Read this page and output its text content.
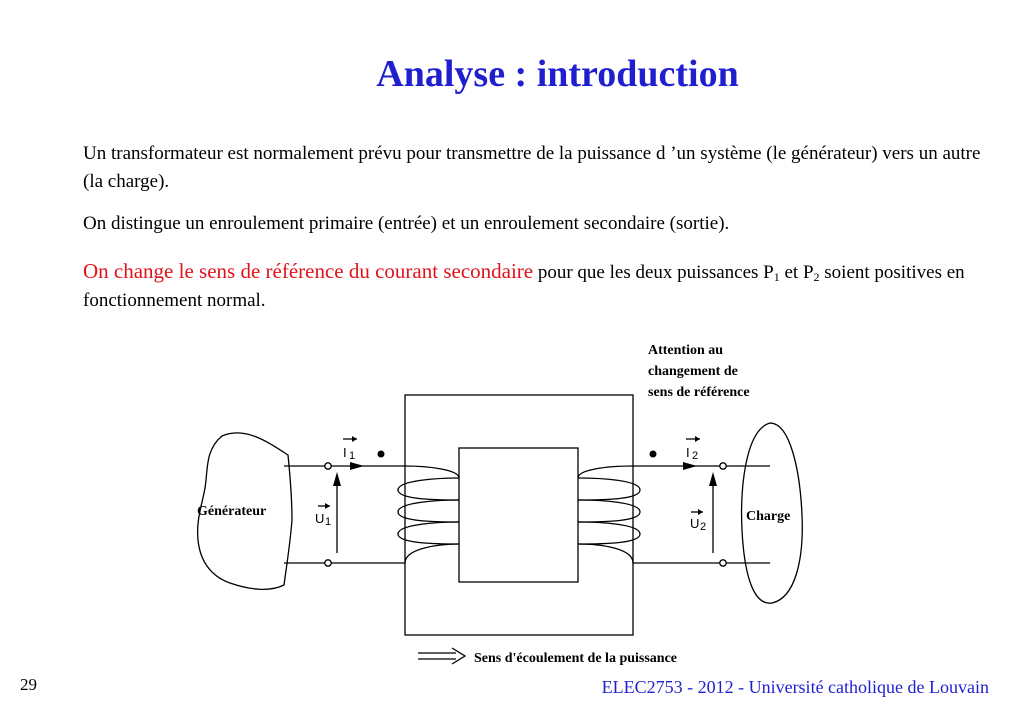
Analyse : introduction
Un transformateur est normalement prévu pour transmettre de la puissance d ’un système (le générateur) vers un autre (la charge).
On distingue un enroulement primaire (entrée) et un enroulement secondaire (sortie).
On change le sens de référence du courant secondaire pour que les deux puissances $P_1$ et $P_2$ soient positives en fonctionnement normal.
Attention au
changement de
sens de référence
Générateur	Charge
Sens d'écoulement de la puissance
I 1	I 2
U 1	U 2
29	ELEC2753 - 2012 - Université catholique de Louvain
